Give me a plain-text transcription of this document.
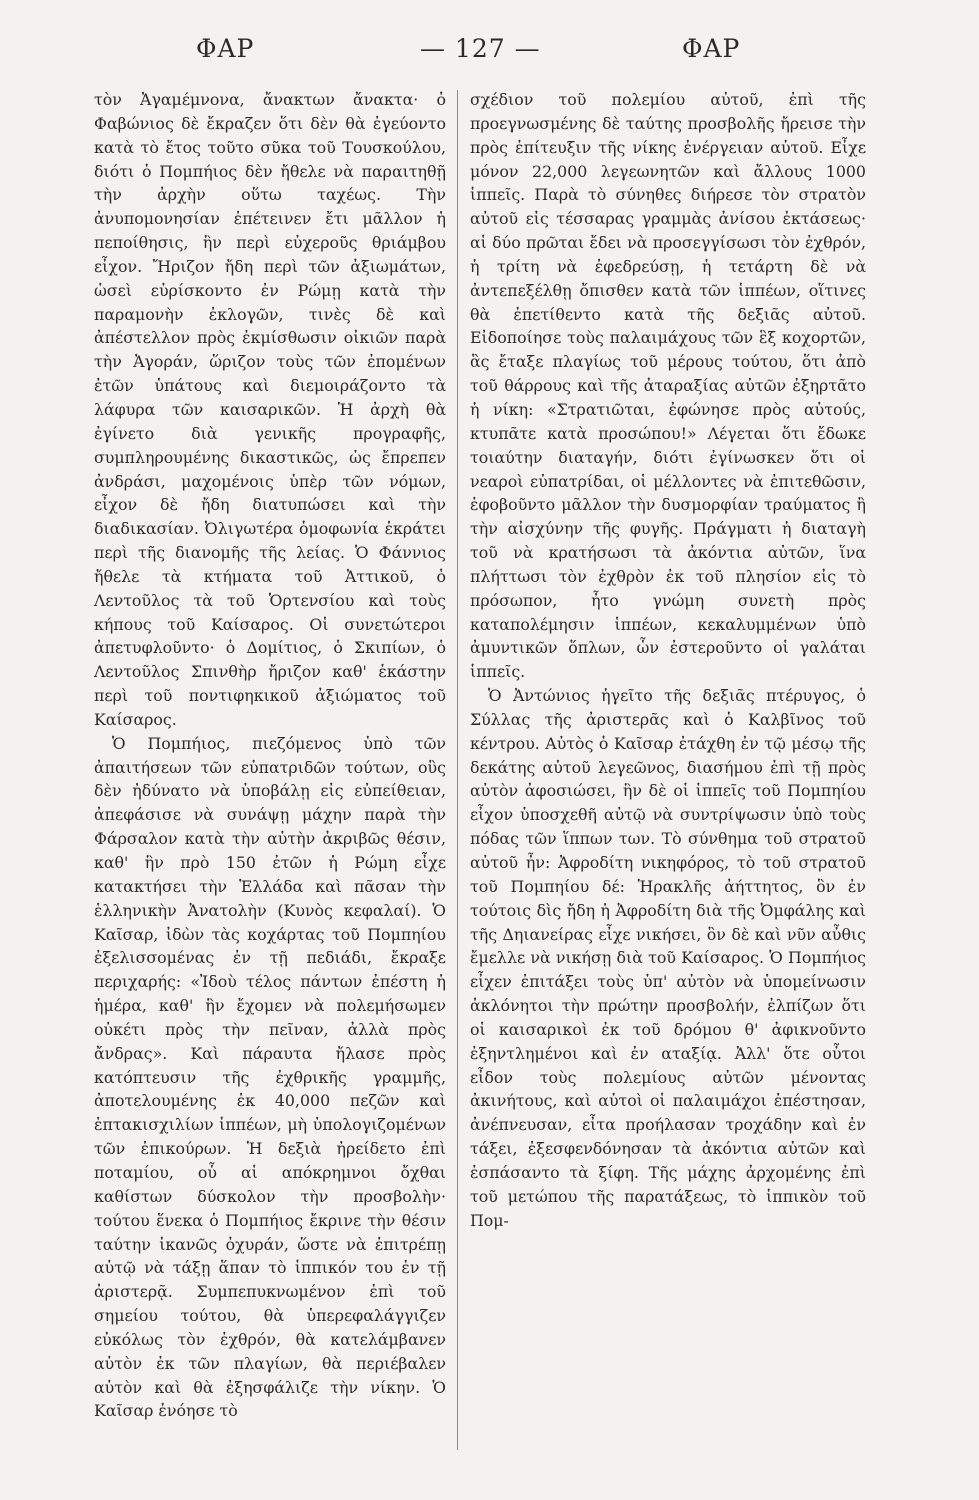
ΦΑΡ	— 127 —	ΦΑΡ

τὸν Ἀγαμέμνονα, ἄνακτων ἄνακτα· ὁ Φαβώνιος δὲ ἔκραζεν ὅτι δὲν θὰ ἐγεύοντο κατὰ τὸ ἔτος τοῦτο σῦκα τοῦ Τουσκούλου, διότι ὁ Πομπήιος δὲν ἤθελε νὰ παραιτηθῇ τὴν ἀρχὴν οὕτω ταχέως. Τὴν ἀνυπομονησίαν ἐπέτεινεν ἔτι μᾶλλον ἡ πεποίθησις, ἣν περὶ εὐχεροῦς θριάμβου εἶχον. Ἤριζον ἤδη περὶ τῶν ἀξιωμάτων, ὡσεὶ εὑρίσκοντο ἐν Ρώμῃ κατὰ τὴν παραμονὴν ἐκλογῶν, τινὲς δὲ καὶ ἀπέστελλον πρὸς ἐκμίσθωσιν οἰκιῶν παρὰ τὴν Ἀγοράν, ὥριζον τοὺς τῶν ἐπομένων ἐτῶν ὑπάτους καὶ διεμοιράζοντο τὰ λάφυρα τῶν καισαρικῶν. Ἡ ἀρχὴ θὰ ἐγίνετο διὰ γενικῆς προγραφῆς, συμπληρουμένης δικαστικῶς, ὡς ἔπρεπεν ἀνδράσι, μαχομένοις ὑπὲρ τῶν νόμων, εἶχον δὲ ἤδη διατυπώσει καὶ τὴν διαδικασίαν. Ὀλιγωτέρα ὁμοφωνία ἐκράτει περὶ τῆς διανομῆς τῆς λείας. Ὁ Φάννιος ἤθελε τὰ κτήματα τοῦ Ἀττικοῦ, ὁ Λεντοῦλος τὰ τοῦ Ὁρτενσίου καὶ τοὺς κήπους τοῦ Καίσαρος. Οἱ συνετώτεροι ἀπετυφλοῦντο· ὁ Δομίτιος, ὁ Σκιπίων, ὁ Λεντοῦλος Σπινθὴρ ἤριζον καθ' ἑκάστην περὶ τοῦ ποντιφηκικοῦ ἀξιώματος τοῦ Καίσαρος.

Ὁ Πομπήιος, πιεζόμενος ὑπὸ τῶν ἀπαιτήσεων τῶν εὐπατριδῶν τούτων, οὓς δὲν ἠδύνατο νὰ ὑποβάλῃ εἰς εὐπείθειαν, ἀπεφάσισε νὰ συνάψῃ μάχην παρὰ τὴν Φάρσαλον κατὰ τὴν αὐτὴν ἀκριβῶς θέσιν, καθ' ἣν πρὸ 150 ἐτῶν ἡ Ρώμη εἶχε κατακτήσει τὴν Ἑλλάδα καὶ πᾶσαν τὴν ἑλληνικὴν Ἀνατολὴν (Κυνὸς κεφαλαί). Ὁ Καῖσαρ, ἰδὼν τὰς κοχάρτας τοῦ Πομπηίου ἐξελισσομένας ἐν τῇ πεδιάδι, ἔκραξε περιχαρής: «Ἰδοὺ τέλος πάντων ἐπέστη ἡ ἡμέρα, καθ' ἣν ἔχομεν νὰ πολεμήσωμεν οὐκέτι πρὸς τὴν πεῖναν, ἀλλὰ πρὸς ἄνδρας». Καὶ πάραυτα ἤλασε πρὸς κατόπτευσιν τῆς ἐχθρικῆς γραμμῆς, ἀποτελουμένης ἐκ 40,000 πεζῶν καὶ ἑπτακισχιλίων ἱππέων, μὴ ὑπολογιζομένων τῶν ἐπικούρων. Ἡ δεξιὰ ἠρείδετο ἐπὶ ποταμίου, οὗ αἱ απόκρημνοι ὄχθαι καθίστων δύσκολον τὴν προσβολὴν· τούτου ἕνεκα ὁ Πομπήιος ἔκρινε τὴν θέσιν ταύτην ἱκανῶς ὀχυράν, ὥστε νὰ ἐπιτρέπῃ αὐτῷ νὰ τάξῃ ἅπαν τὸ ἱππικόν του ἐν τῇ ἀριστερᾷ. Συμπεπυκνωμένον ἐπὶ τοῦ σημείου τούτου, θὰ ὑπερεφαλάγγιζεν εὐκόλως τὸν ἐχθρόν, θὰ κατελάμβανεν αὐτὸν ἐκ τῶν πλαγίων, θὰ περιέβαλεν αὐτὸν καὶ θὰ ἐξησφάλιζε τὴν νίκην. Ὁ Καῖσαρ ἐνόησε τὸ

σχέδιον τοῦ πολεμίου αὐτοῦ, ἐπὶ τῆς προεγνωσμένης δὲ ταύτης προσβολῆς ἤρεισε τὴν πρὸς ἐπίτευξιν τῆς νίκης ἐνέργειαν αὐτοῦ. Εἶχε μόνον 22,000 λεγεωνητῶν καὶ ἄλλους 1000 ἱππεῖς. Παρὰ τὸ σύνηθες διήρεσε τὸν στρατὸν αὐτοῦ εἰς τέσσαρας γραμμὰς ἀνίσου ἐκτάσεως· αἱ δύο πρῶται ἔδει νὰ προσεγγίσωσι τὸν ἐχθρόν, ἡ τρίτη νὰ ἐφεδρεύσῃ, ἡ τετάρτη δὲ νὰ ἀντεπεξέλθῃ ὄπισθεν κατὰ τῶν ἱππέων, οἵτινες θὰ ἐπετίθεντο κατὰ τῆς δεξιᾶς αὐτοῦ. Εἰδοποίησε τοὺς παλαιμάχους τῶν ἓξ κοχορτῶν, ἃς ἔταξε πλαγίως τοῦ μέρους τούτου, ὅτι ἀπὸ τοῦ θάρρους καὶ τῆς ἀταραξίας αὐτῶν ἐξηρτᾶτο ἡ νίκη: «Στρατιῶται, ἐφώνησε πρὸς αὐτούς, κτυπᾶτε κατὰ προσώπου!» Λέγεται ὅτι ἔδωκε τοιαύτην διαταγήν, διότι ἐγίνωσκεν ὅτι οἱ νεαροὶ εὐπατρίδαι, οἱ μέλλοντες νὰ ἐπιτεθῶσιν, ἐφοβοῦντο μᾶλλον τὴν δυσμορφίαν τραύματος ἢ τὴν αἰσχύνην τῆς φυγῆς. Πράγματι ἡ διαταγὴ τοῦ νὰ κρατήσωσι τὰ ἀκόντια αὐτῶν, ἵνα πλήττωσι τὸν ἐχθρὸν ἐκ τοῦ πλησίον εἰς τὸ πρόσωπον, ἦτο γνώμη συνετὴ πρὸς καταπολέμησιν ἱππέων, κεκαλυμμένων ὑπὸ ἀμυντικῶν ὅπλων, ὧν ἐστεροῦντο οἱ γαλάται ἱππεῖς.

Ὁ Ἀντώνιος ἡγεῖτο τῆς δεξιᾶς πτέρυγος, ὁ Σύλλας τῆς ἀριστερᾶς καὶ ὁ Καλβῖνος τοῦ κέντρου. Αὐτὸς ὁ Καῖσαρ ἐτάχθη ἐν τῷ μέσῳ τῆς δεκάτης αὐτοῦ λεγεῶνος, διασήμου ἐπὶ τῇ πρὸς αὐτὸν ἀφοσιώσει, ἣν δὲ οἱ ἱππεῖς τοῦ Πομπηίου εἶχον ὑποσχεθῆ αὐτῷ νὰ συντρίψωσιν ὑπὸ τοὺς πόδας τῶν ἵππων των. Τὸ σύνθημα τοῦ στρατοῦ αὐτοῦ ἦν: Ἀφροδίτη νικηφόρος, τὸ τοῦ στρατοῦ τοῦ Πομπηίου δέ: Ἡρακλῆς ἀήττητος, ὃν ἐν τούτοις δὶς ἤδη ἡ Ἀφροδίτη διὰ τῆς Ὀμφάλης καὶ τῆς Δηιανείρας εἶχε νικήσει, ὃν δὲ καὶ νῦν αὖθις ἔμελλε νὰ νικήσῃ διὰ τοῦ Καίσαρος. Ὁ Πομπήιος εἶχεν ἐπιτάξει τοὺς ὑπ' αὐτὸν νὰ ὑπομείνωσιν ἀκλόνητοι τὴν πρώτην προσβολήν, ἐλπίζων ὅτι οἱ καισαρικοὶ ἐκ τοῦ δρόμου θ' ἀφικνοῦντο ἐξηντλημένοι καὶ ἐν αταξίᾳ. Ἀλλ' ὅτε οὗτοι εἶδον τοὺς πολεμίους αὐτῶν μένοντας ἀκινήτους, καὶ αὐτοὶ οἱ παλαιμάχοι ἐπέστησαν, ἀνέπνευσαν, εἶτα προήλασαν τροχάδην καὶ ἐν τάξει, ἐξεσφενδόνησαν τὰ ἀκόντια αὐτῶν καὶ ἐσπάσαντο τὰ ξίφη. Τῆς μάχης ἀρχομένης ἐπὶ τοῦ μετώπου τῆς παρατάξεως, τὸ ἱππικὸν τοῦ Πομ-
